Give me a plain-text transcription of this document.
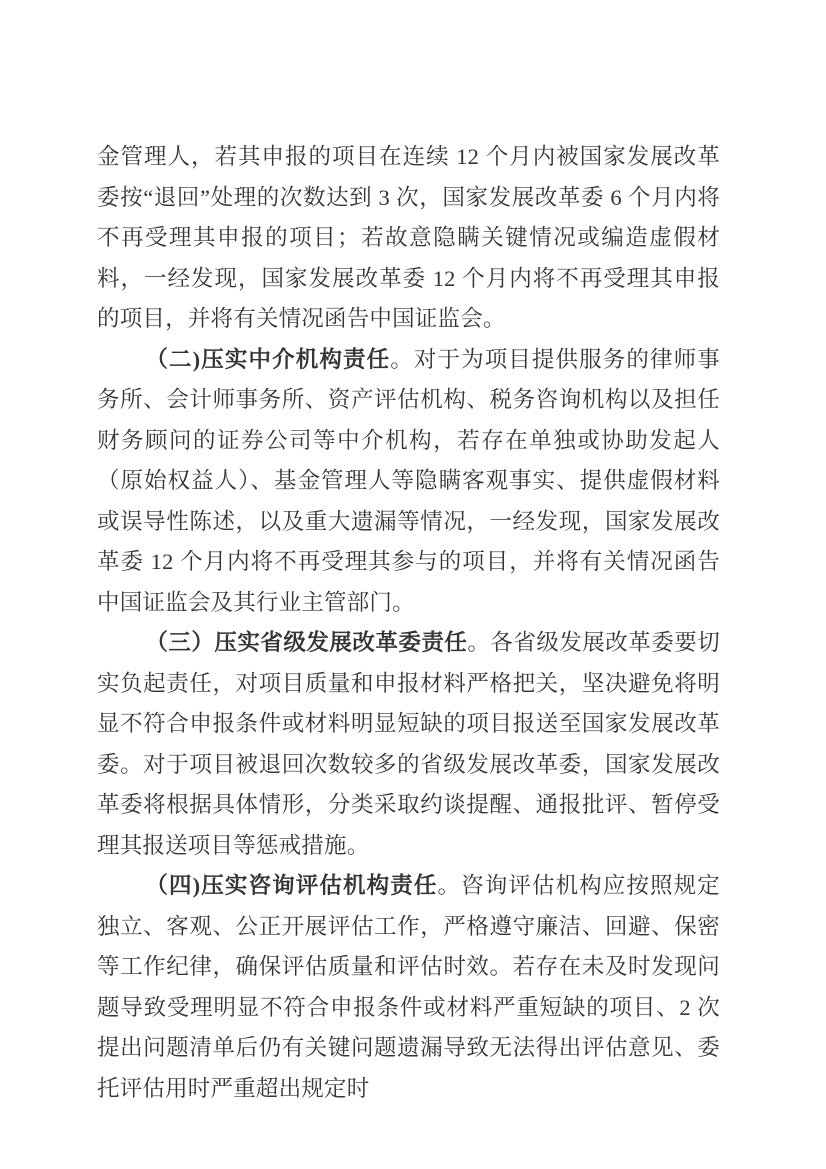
金管理人，若其申报的项目在连续 12 个月内被国家发展改革委按“退回”处理的次数达到 3 次，国家发展改革委 6 个月内将不再受理其申报的项目；若故意隐瞒关键情况或编造虚假材料，一经发现，国家发展改革委 12 个月内将不再受理其申报的项目，并将有关情况函告中国证监会。

（二)压实中介机构责任。对于为项目提供服务的律师事务所、会计师事务所、资产评估机构、税务咨询机构以及担任财务顾问的证券公司等中介机构，若存在单独或协助发起人（原始权益人）、基金管理人等隐瞒客观事实、提供虚假材料或误导性陈述，以及重大遗漏等情况，一经发现，国家发展改革委 12 个月内将不再受理其参与的项目，并将有关情况函告中国证监会及其行业主管部门。

（三）压实省级发展改革委责任。各省级发展改革委要切实负起责任，对项目质量和申报材料严格把关，坚决避免将明显不符合申报条件或材料明显短缺的项目报送至国家发展改革委。对于项目被退回次数较多的省级发展改革委，国家发展改革委将根据具体情形，分类采取约谈提醒、通报批评、暂停受理其报送项目等惩戒措施。

（四)压实咨询评估机构责任。咨询评估机构应按照规定独立、客观、公正开展评估工作，严格遵守廉洁、回避、保密等工作纪律，确保评估质量和评估时效。若存在未及时发现问题导致受理明显不符合申报条件或材料严重短缺的项目、2 次提出问题清单后仍有关键问题遗漏导致无法得出评估意见、委托评估用时严重超出规定时
